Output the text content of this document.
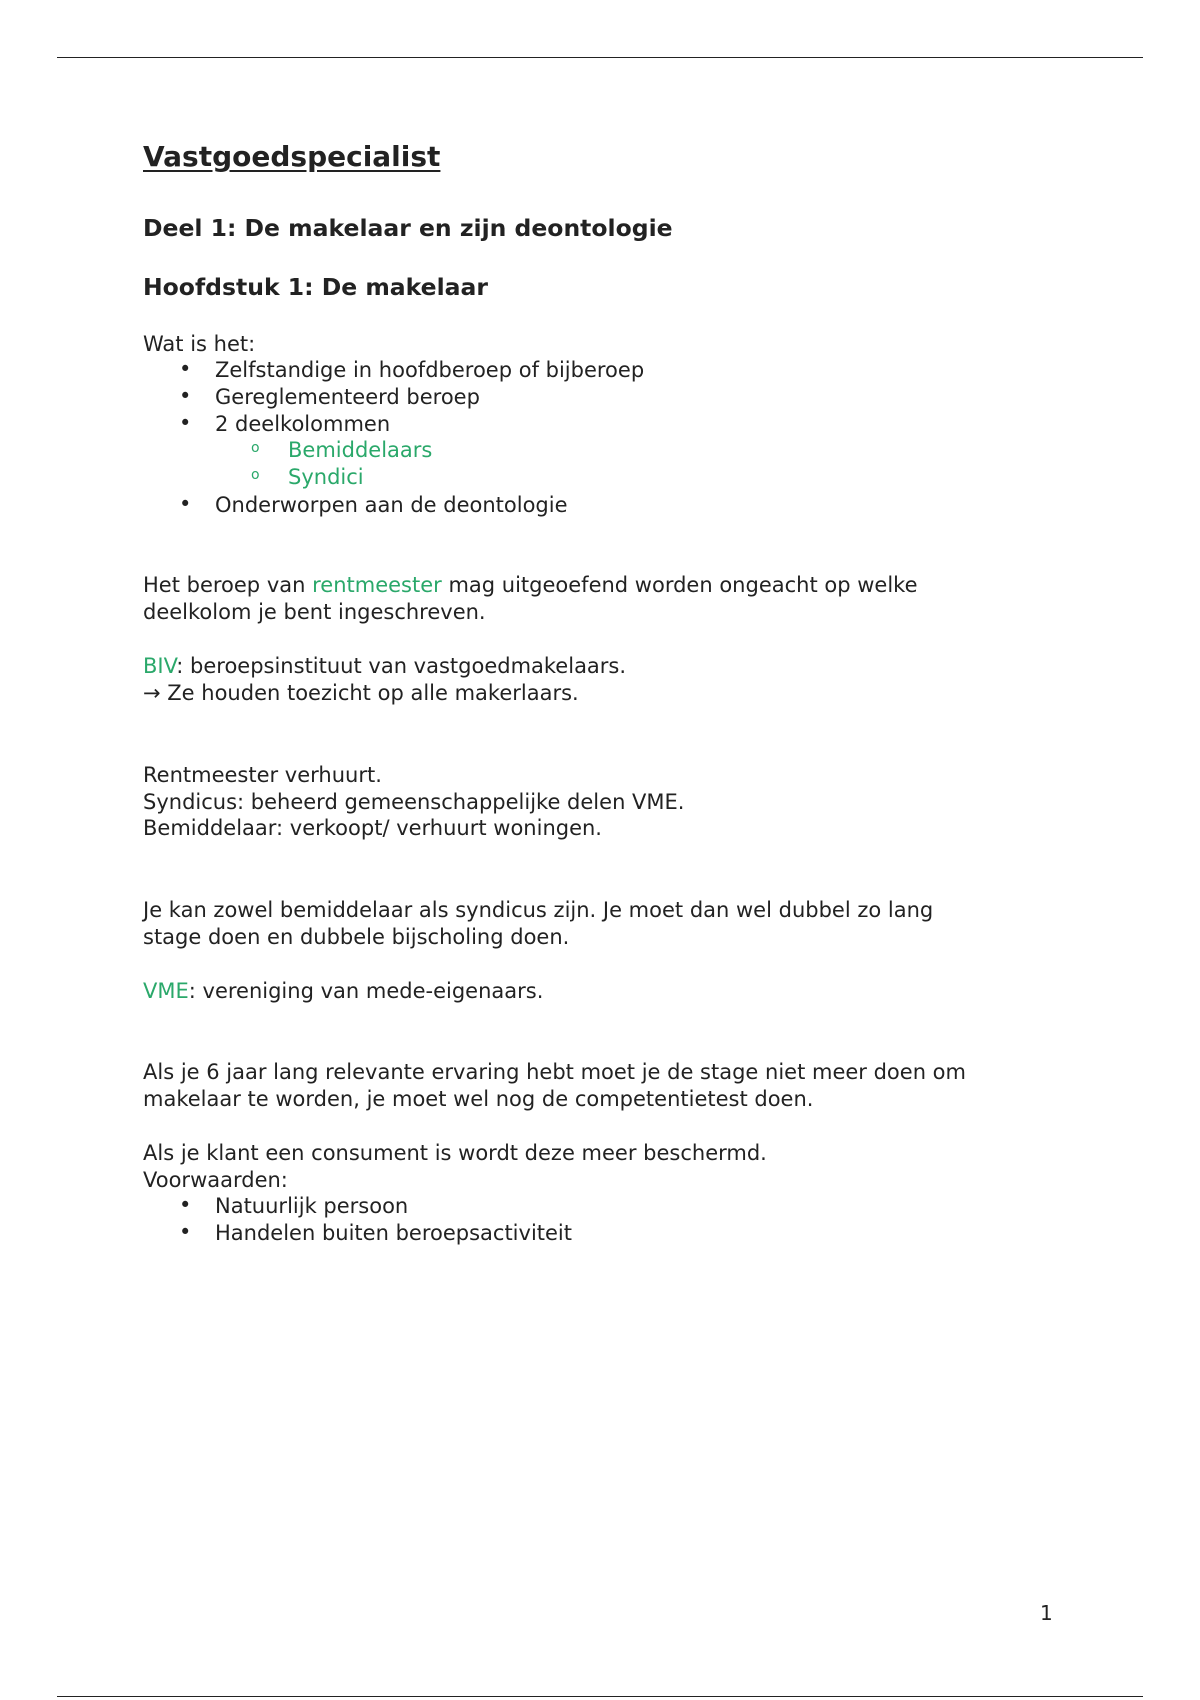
Vastgoedspecialist
Deel 1: De makelaar en zijn deontologie
Hoofdstuk 1: De makelaar
Wat is het:
• Zelfstandige in hoofdberoep of bijberoep
• Gereglementeerd beroep
• 2 deelkolommen
o Bemiddelaars
o Syndici
• Onderworpen aan de deontologie
Het beroep van rentmeester mag uitgeoefend worden ongeacht op welke
deelkolom je bent ingeschreven.
BIV: beroepsinstituut van vastgoedmakelaars.
→ Ze houden toezicht op alle makerlaars.
Rentmeester verhuurt.
Syndicus: beheerd gemeenschappelijke delen VME.
Bemiddelaar: verkoopt/ verhuurt woningen.
Je kan zowel bemiddelaar als syndicus zijn. Je moet dan wel dubbel zo lang
stage doen en dubbele bijscholing doen.
VME: vereniging van mede-eigenaars.
Als je 6 jaar lang relevante ervaring hebt moet je de stage niet meer doen om
makelaar te worden, je moet wel nog de competentietest doen.
Als je klant een consument is wordt deze meer beschermd.
Voorwaarden:
• Natuurlijk persoon
• Handelen buiten beroepsactiviteit
1
